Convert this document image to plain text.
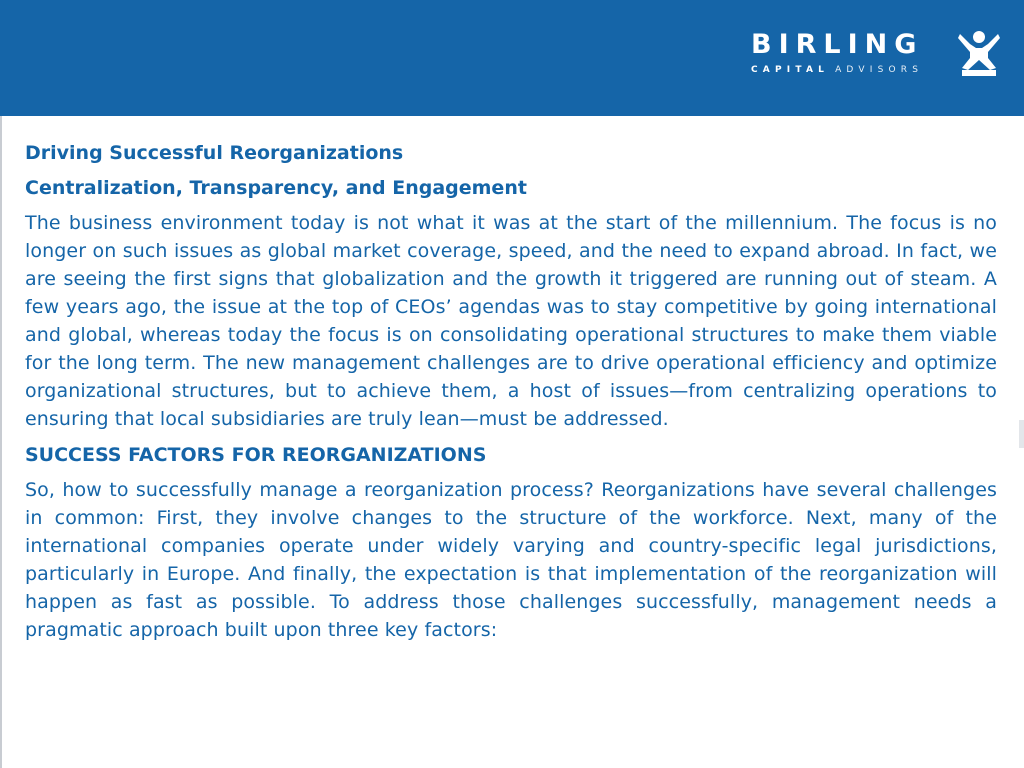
BIRLING
CAPITAL ADVISORS
Driving Successful Reorganizations
Centralization, Transparency, and Engagement

The business environment today is not what it was at the start of the millennium. The focus is no longer on such issues as global market coverage, speed, and the need to expand abroad. In fact, we are seeing the first signs that globalization and the growth it triggered are running out of steam. A few years ago, the issue at the top of CEOs’ agendas was to stay competitive by going international and global, whereas today the focus is on consolidating operational structures to make them viable for the long term. The new management challenges are to drive operational efficiency and optimize organizational structures, but to achieve them, a host of issues—from centralizing operations to ensuring that local subsidiaries are truly lean—must be addressed.

SUCCESS FACTORS FOR REORGANIZATIONS

So, how to successfully manage a reorganization process? Reorganizations have several challenges in common: First, they involve changes to the structure of the workforce. Next, many of the international companies operate under widely varying and country-specific legal jurisdictions, particularly in Europe. And finally, the expectation is that implementation of the reorganization will happen as fast as possible. To address those challenges successfully, management needs a pragmatic approach built upon three key factors:
